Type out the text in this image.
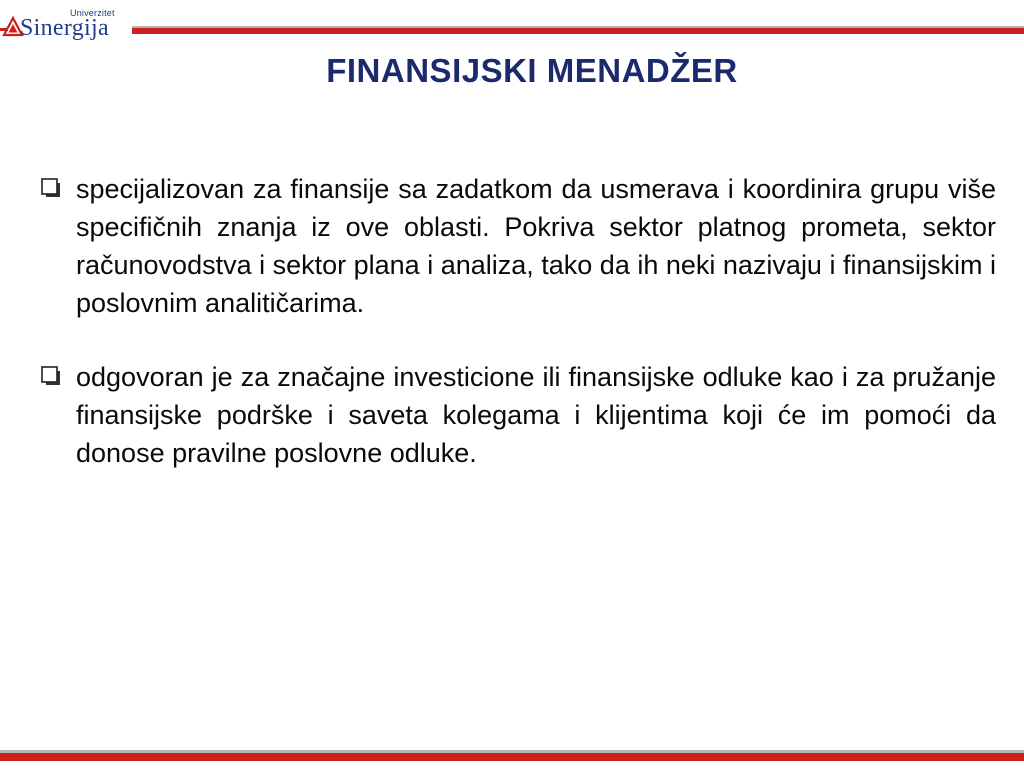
Univerzitet
Sinergija
FINANSIJSKI MENADŽER
specijalizovan za finansije sa zadatkom da usmerava i koordinira grupu više specifičnih znanja iz ove oblasti. Pokriva sektor platnog prometa, sektor računovodstva i sektor plana i analiza, tako da ih neki nazivaju i finansijskim i poslovnim analitičarima.
odgovoran je za značajne investicione ili finansijske odluke kao i za pružanje finansijske podrške i saveta kolegama i klijentima koji će im pomoći da donose pravilne poslovne odluke.
